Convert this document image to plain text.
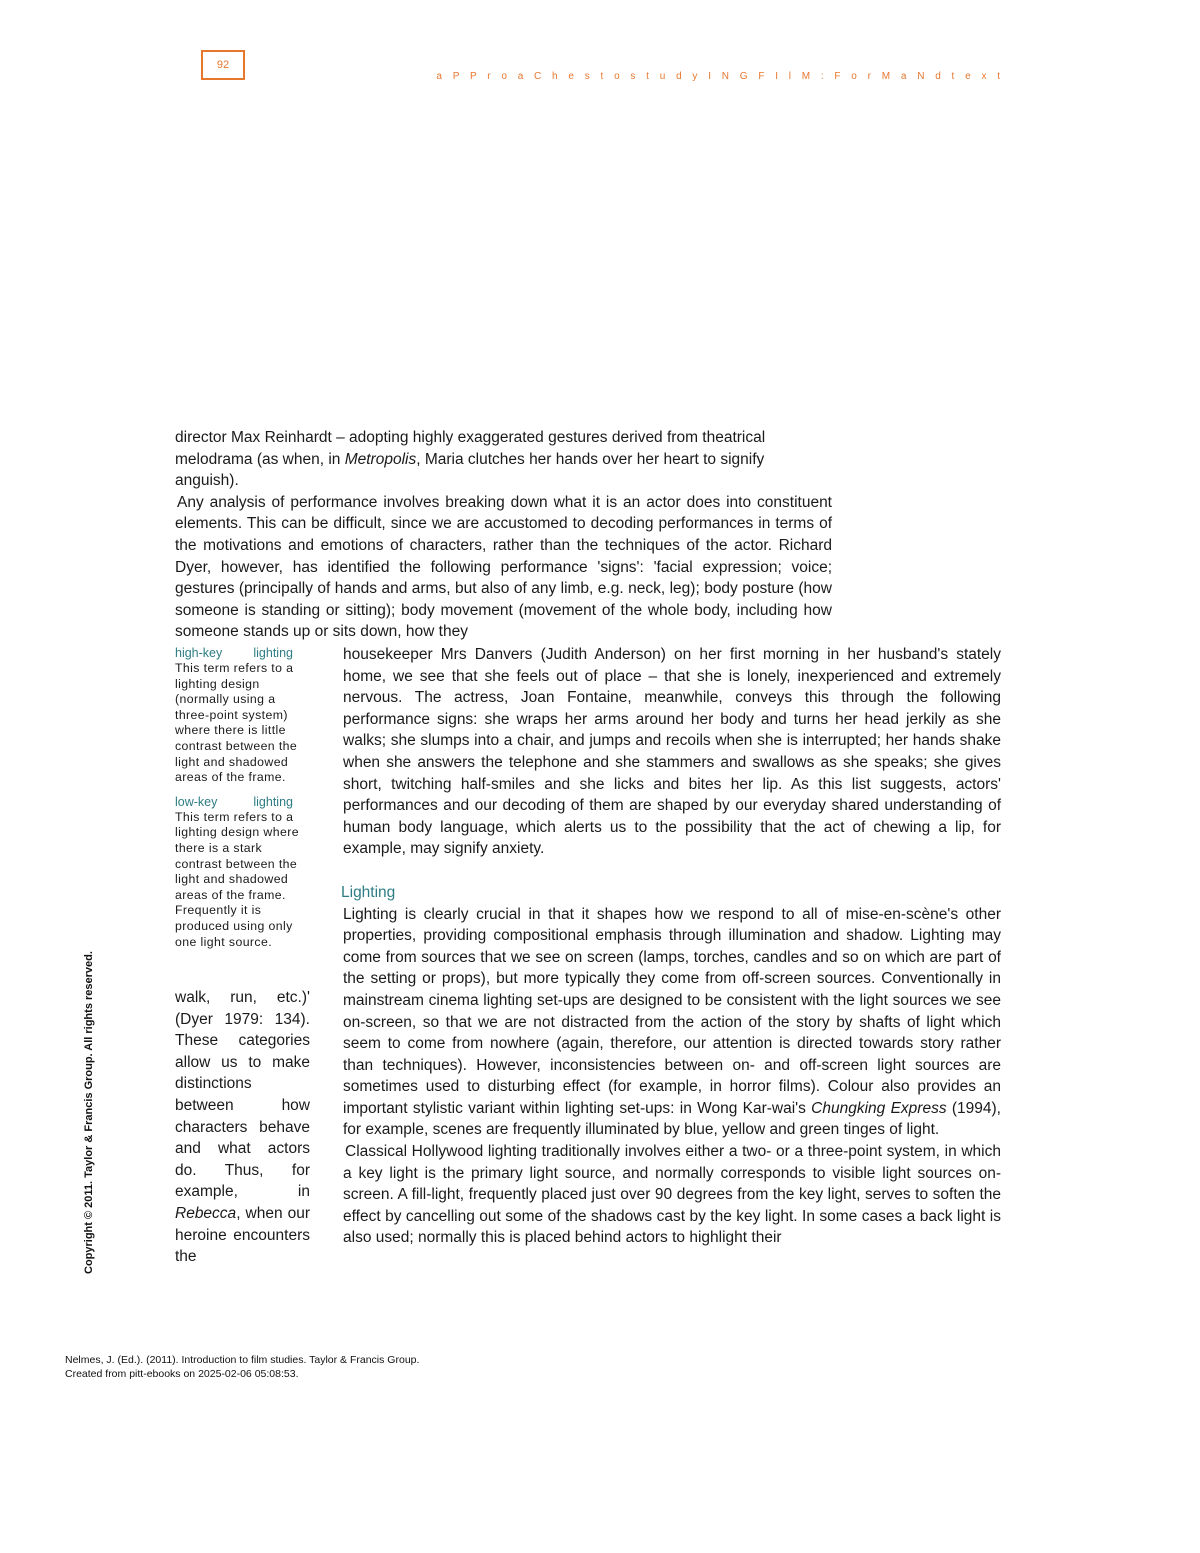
92
a P P r o a C h e s t o s t u d y I N G F I l M : F o r M a N d t e x t

director Max Reinhardt – adopting highly exaggerated gestures derived from theatrical
melodrama (as when, in Metropolis, Maria clutches her hands over her heart to signify
anguish).

Any analysis of performance involves breaking down what it is an actor does into constituent elements. This can be difficult, since we are accustomed to decoding performances in terms of the motivations and emotions of characters, rather than the techniques of the actor. Richard Dyer, however, has identified the following performance 'signs': 'facial expression; voice; gestures (principally of hands and arms, but also of any limb, e.g. neck, leg); body posture (how someone is standing or sitting); body movement (movement of the whole body, including how someone stands up or sits down, how they

high-key lighting

This term refers to a lighting design (normally using a three-point system) where there is little contrast between the light and shadowed areas of the frame.

low-key	lighting

This term refers to a lighting design where there is a stark contrast between the light and shadowed areas of the frame. Frequently it is produced using only one light source.

walk, run, etc.)' (Dyer 1979: 134). These categories allow us to make distinctions between how characters behave and what actors do. Thus, for example, in Rebecca, when our heroine encounters the

housekeeper Mrs Danvers (Judith Anderson) on her first morning in her husband's stately home, we see that she feels out of place – that she is lonely, inexperienced and extremely nervous. The actress, Joan Fontaine, meanwhile, conveys this through the following performance signs: she wraps her arms around her body and turns her head jerkily as she walks; she slumps into a chair, and jumps and recoils when she is interrupted; her hands shake when she answers the telephone and she stammers and swallows as she speaks; she gives short, twitching half-smiles and she licks and bites her lip. As this list suggests, actors' performances and our decoding of them are shaped by our everyday shared understanding of human body language, which alerts us to the possibility that the act of chewing a lip, for example, may signify anxiety.

Lighting

Lighting is clearly crucial in that it shapes how we respond to all of mise-en-scène's other properties, providing compositional emphasis through illumination and shadow. Lighting may come from sources that we see on screen (lamps, torches, candles and so on which are part of the setting or props), but more typically they come from off-screen sources. Conventionally in mainstream cinema lighting set-ups are designed to be consistent with the light sources we see on-screen, so that we are not distracted from the action of the story by shafts of light which seem to come from nowhere (again, therefore, our attention is directed towards story rather than techniques). However, inconsistencies between on- and off-screen light sources are sometimes used to disturbing effect (for example, in horror films). Colour also provides an important stylistic variant within lighting set-ups: in Wong Kar-wai's Chungking Express (1994), for example, scenes are frequently illuminated by blue, yellow and green tinges of light.

Classical Hollywood lighting traditionally involves either a two- or a three-point system, in which a key light is the primary light source, and normally corresponds to visible light sources on-screen. A fill-light, frequently placed just over 90 degrees from the key light, serves to soften the effect by cancelling out some of the shadows cast by the key light. In some cases a back light is also used; normally this is placed behind actors to highlight their

Copyright © 2011. Taylor & Francis Group. All rights reserved.
Nelmes, J. (Ed.). (2011). Introduction to film studies. Taylor & Francis Group.
Created from pitt-ebooks on 2025-02-06 05:08:53.
